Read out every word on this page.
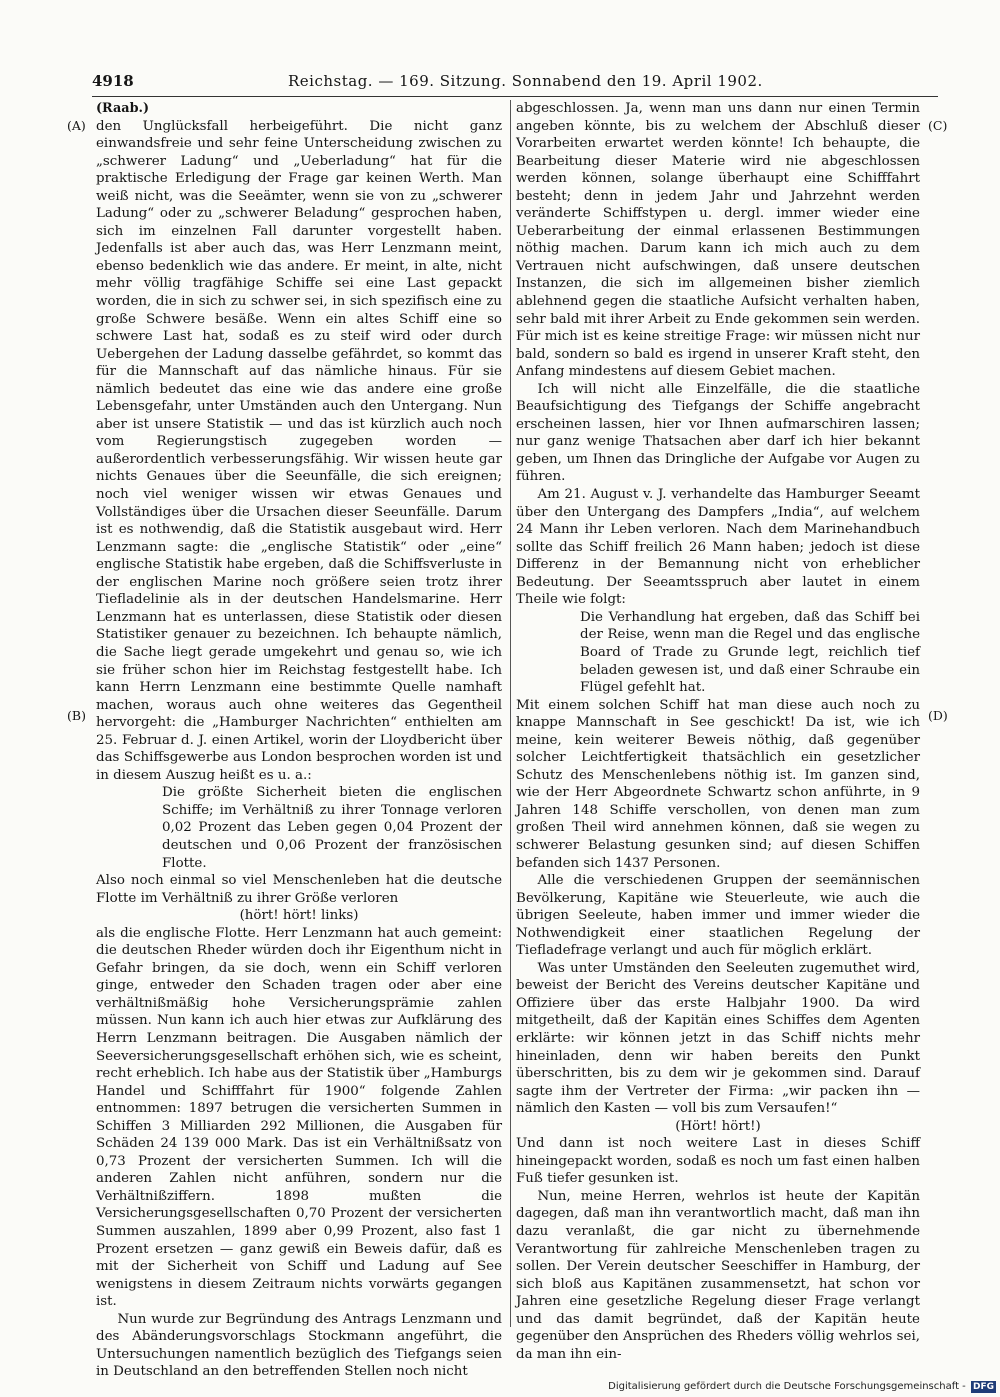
4918	Reichstag. — 169. Sitzung. Sonnabend den 19. April 1902.
(A)
(B)
(C)
(D)

(Raab.)

den Unglücksfall herbeigeführt. Die nicht ganz einwandsfreie und sehr feine Unterscheidung zwischen zu „schwerer Ladung“ und „Ueberladung“ hat für die praktische Erledigung der Frage gar keinen Werth. Man weiß nicht, was die Seeämter, wenn sie von zu „schwerer Ladung“ oder zu „schwerer Beladung“ gesprochen haben, sich im einzelnen Fall darunter vorgestellt haben. Jedenfalls ist aber auch das, was Herr Lenzmann meint, ebenso bedenklich wie das andere. Er meint, in alte, nicht mehr völlig tragfähige Schiffe sei eine Last gepackt worden, die in sich zu schwer sei, in sich spezifisch eine zu große Schwere besäße. Wenn ein altes Schiff eine so schwere Last hat, sodaß es zu steif wird oder durch Uebergehen der Ladung dasselbe gefährdet, so kommt das für die Mannschaft auf das nämliche hinaus. Für sie nämlich bedeutet das eine wie das andere eine große Lebensgefahr, unter Umständen auch den Untergang. Nun aber ist unsere Statistik — und das ist kürzlich auch noch vom Regierungstisch zugegeben worden — außerordentlich verbesserungsfähig. Wir wissen heute gar nichts Genaues über die Seeunfälle, die sich ereignen; noch viel weniger wissen wir etwas Genaues und Vollständiges über die Ursachen dieser Seeunfälle. Darum ist es nothwendig, daß die Statistik ausgebaut wird. Herr Lenzmann sagte: die „englische Statistik“ oder „eine“ englische Statistik habe ergeben, daß die Schiffsverluste in der englischen Marine noch größere seien trotz ihrer Tiefladelinie als in der deutschen Handelsmarine. Herr Lenzmann hat es unterlassen, diese Statistik oder diesen Statistiker genauer zu bezeichnen. Ich behaupte nämlich, die Sache liegt gerade umgekehrt und genau so, wie ich sie früher schon hier im Reichstag festgestellt habe. Ich kann Herrn Lenzmann eine bestimmte Quelle namhaft machen, woraus auch ohne weiteres das Gegentheil hervorgeht: die „Hamburger Nachrichten“ enthielten am 25. Februar d. J. einen Artikel, worin der Lloydbericht über das Schiffsgewerbe aus London besprochen worden ist und in diesem Auszug heißt es u. a.:

Die größte Sicherheit bieten die englischen Schiffe; im Verhältniß zu ihrer Tonnage verloren 0,02 Prozent das Leben gegen 0,04 Prozent der deutschen und 0,06 Prozent der französischen Flotte.

Also noch einmal so viel Menschenleben hat die deutsche Flotte im Verhältniß zu ihrer Größe verloren

(hört! hört! links)

als die englische Flotte. Herr Lenzmann hat auch gemeint: die deutschen Rheder würden doch ihr Eigenthum nicht in Gefahr bringen, da sie doch, wenn ein Schiff verloren ginge, entweder den Schaden tragen oder aber eine verhältnißmäßig hohe Versicherungsprämie zahlen müssen. Nun kann ich auch hier etwas zur Aufklärung des Herrn Lenzmann beitragen. Die Ausgaben nämlich der Seeversicherungsgesellschaft erhöhen sich, wie es scheint, recht erheblich. Ich habe aus der Statistik über „Hamburgs Handel und Schifffahrt für 1900“ folgende Zahlen entnommen: 1897 betrugen die versicherten Summen in Schiffen 3 Milliarden 292 Millionen, die Ausgaben für Schäden 24 139 000 Mark. Das ist ein Verhältnißsatz von 0,73 Prozent der versicherten Summen. Ich will die anderen Zahlen nicht anführen, sondern nur die Verhältnißziffern. 1898 mußten die Versicherungsgesellschaften 0,70 Prozent der versicherten Summen auszahlen, 1899 aber 0,99 Prozent, also fast 1 Prozent ersetzen — ganz gewiß ein Beweis dafür, daß es mit der Sicherheit von Schiff und Ladung auf See wenigstens in diesem Zeitraum nichts vorwärts gegangen ist.

Nun wurde zur Begründung des Antrags Lenzmann und des Abänderungsvorschlags Stockmann angeführt, die Untersuchungen namentlich bezüglich des Tiefgangs seien in Deutschland an den betreffenden Stellen noch nicht

abgeschlossen. Ja, wenn man uns dann nur einen Termin angeben könnte, bis zu welchem der Abschluß dieser Vorarbeiten erwartet werden könnte! Ich behaupte, die Bearbeitung dieser Materie wird nie abgeschlossen werden können, solange überhaupt eine Schifffahrt besteht; denn in jedem Jahr und Jahrzehnt werden veränderte Schiffstypen u. dergl. immer wieder eine Ueberarbeitung der einmal erlassenen Bestimmungen nöthig machen. Darum kann ich mich auch zu dem Vertrauen nicht aufschwingen, daß unsere deutschen Instanzen, die sich im allgemeinen bisher ziemlich ablehnend gegen die staatliche Aufsicht verhalten haben, sehr bald mit ihrer Arbeit zu Ende gekommen sein werden. Für mich ist es keine streitige Frage: wir müssen nicht nur bald, sondern so bald es irgend in unserer Kraft steht, den Anfang mindestens auf diesem Gebiet machen.

Ich will nicht alle Einzelfälle, die die staatliche Beaufsichtigung des Tiefgangs der Schiffe angebracht erscheinen lassen, hier vor Ihnen aufmarschiren lassen; nur ganz wenige Thatsachen aber darf ich hier bekannt geben, um Ihnen das Dringliche der Aufgabe vor Augen zu führen.

Am 21. August v. J. verhandelte das Hamburger Seeamt über den Untergang des Dampfers „India“, auf welchem 24 Mann ihr Leben verloren. Nach dem Marinehandbuch sollte das Schiff freilich 26 Mann haben; jedoch ist diese Differenz in der Bemannung nicht von erheblicher Bedeutung. Der Seeamtsspruch aber lautet in einem Theile wie folgt:

Die Verhandlung hat ergeben, daß das Schiff bei der Reise, wenn man die Regel und das englische Board of Trade zu Grunde legt, reichlich tief beladen gewesen ist, und daß einer Schraube ein Flügel gefehlt hat.

Mit einem solchen Schiff hat man diese auch noch zu knappe Mannschaft in See geschickt! Da ist, wie ich meine, kein weiterer Beweis nöthig, daß gegenüber solcher Leichtfertigkeit thatsächlich ein gesetzlicher Schutz des Menschenlebens nöthig ist. Im ganzen sind, wie der Herr Abgeordnete Schwartz schon anführte, in 9 Jahren 148 Schiffe verschollen, von denen man zum großen Theil wird annehmen können, daß sie wegen zu schwerer Belastung gesunken sind; auf diesen Schiffen befanden sich 1437 Personen.

Alle die verschiedenen Gruppen der seemännischen Bevölkerung, Kapitäne wie Steuerleute, wie auch die übrigen Seeleute, haben immer und immer wieder die Nothwendigkeit einer staatlichen Regelung der Tiefladefrage verlangt und auch für möglich erklärt.

Was unter Umständen den Seeleuten zugemuthet wird, beweist der Bericht des Vereins deutscher Kapitäne und Offiziere über das erste Halbjahr 1900. Da wird mitgetheilt, daß der Kapitän eines Schiffes dem Agenten erklärte: wir können jetzt in das Schiff nichts mehr hineinladen, denn wir haben bereits den Punkt überschritten, bis zu dem wir je gekommen sind. Darauf sagte ihm der Vertreter der Firma: „wir packen ihn — nämlich den Kasten — voll bis zum Versaufen!“

(Hört! hört!)

Und dann ist noch weitere Last in dieses Schiff hineingepackt worden, sodaß es noch um fast einen halben Fuß tiefer gesunken ist.

Nun, meine Herren, wehrlos ist heute der Kapitän dagegen, daß man ihn verantwortlich macht, daß man ihn dazu veranlaßt, die gar nicht zu übernehmende Verantwortung für zahlreiche Menschenleben tragen zu sollen. Der Verein deutscher Seeschiffer in Hamburg, der sich bloß aus Kapitänen zusammensetzt, hat schon vor Jahren eine gesetzliche Regelung dieser Frage verlangt und das damit begründet, daß der Kapitän heute gegenüber den Ansprüchen des Rheders völlig wehrlos sei, da man ihn ein-

Digitalisierung gefördert durch die Deutsche Forschungsgemeinschaft - DFG
